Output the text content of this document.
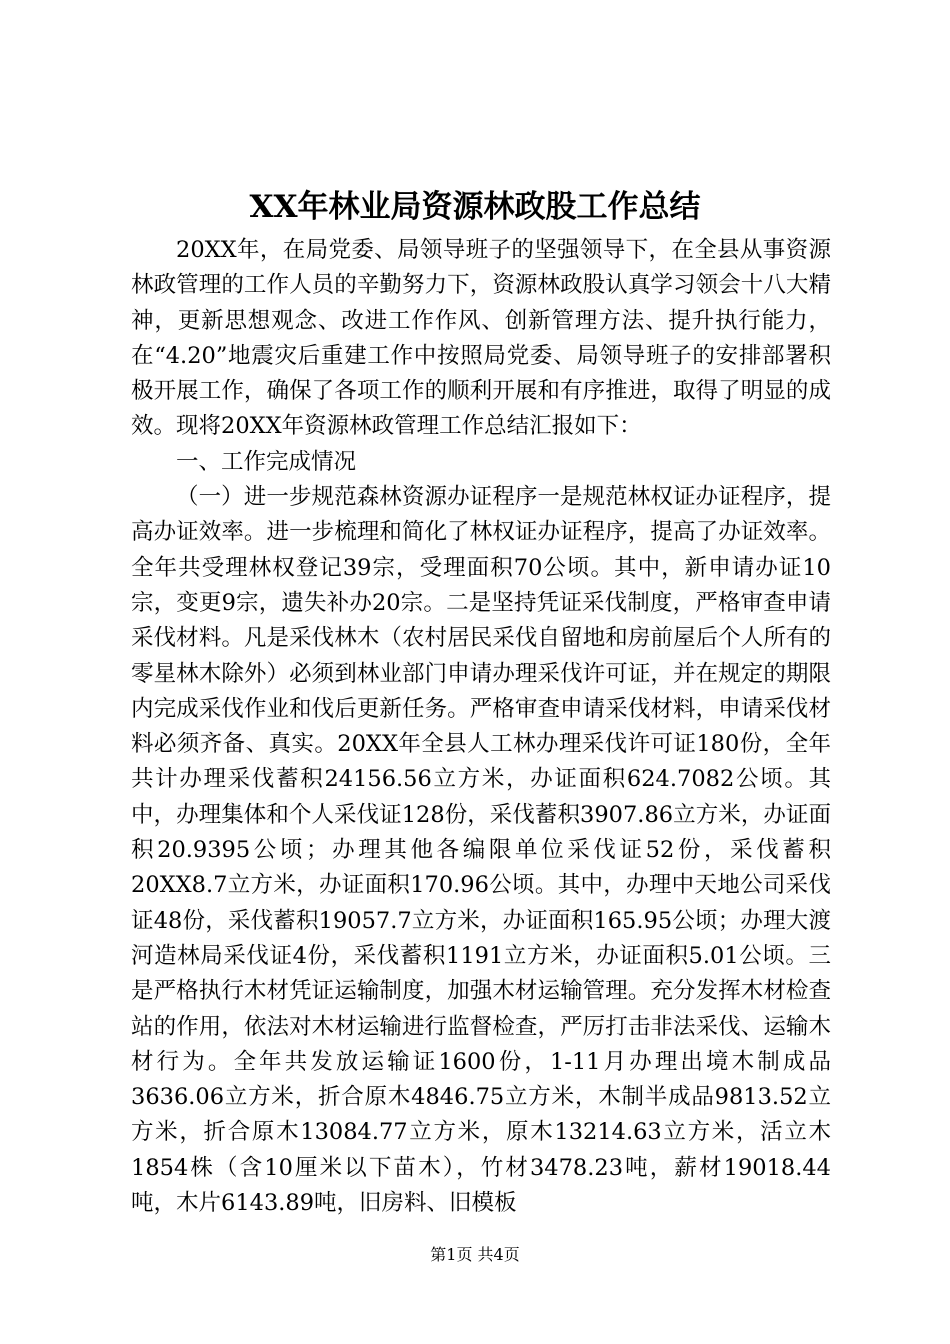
XX年林业局资源林政股工作总结

20XX年，在局党委、局领导班子的坚强领导下，在全县从事资源林政管理的工作人员的辛勤努力下，资源林政股认真学习领会十八大精神，更新思想观念、改进工作作风、创新管理方法、提升执行能力，在“4.20”地震灾后重建工作中按照局党委、局领导班子的安排部署积极开展工作，确保了各项工作的顺利开展和有序推进，取得了明显的成效。现将20XX年资源林政管理工作总结汇报如下：

一、工作完成情况

（一）进一步规范森林资源办证程序一是规范林权证办证程序，提高办证效率。进一步梳理和简化了林权证办证程序，提高了办证效率。全年共受理林权登记39宗，受理面积70公顷。其中，新申请办证10宗，变更9宗，遗失补办20宗。二是坚持凭证采伐制度，严格审查申请采伐材料。凡是采伐林木（农村居民采伐自留地和房前屋后个人所有的零星林木除外）必须到林业部门申请办理采伐许可证，并在规定的期限内完成采伐作业和伐后更新任务。严格审查申请采伐材料，申请采伐材料必须齐备、真实。20XX年全县人工林办理采伐许可证180份，全年共计办理采伐蓄积24156.56立方米，办证面积624.7082公顷。其中，办理集体和个人采伐证128份，采伐蓄积3907.86立方米，办证面积20.9395公顷；办理其他各编限单位采伐证52份，采伐蓄积20XX8.7立方米，办证面积170.96公顷。其中，办理中天地公司采伐证48份，采伐蓄积19057.7立方米，办证面积165.95公顷；办理大渡河造林局采伐证4份，采伐蓄积1191立方米，办证面积5.01公顷。三是严格执行木材凭证运输制度，加强木材运输管理。充分发挥木材检查站的作用，依法对木材运输进行监督检查，严厉打击非法采伐、运输木材行为。全年共发放运输证1600份，1-11月办理出境木制成品3636.06立方米，折合原木4846.75立方米，木制半成品9813.52立方米，折合原木13084.77立方米，原木13214.63立方米，活立木1854株（含10厘米以下苗木），竹材3478.23吨，薪材19018.44吨，木片6143.89吨，旧房料、旧模板

第1页 共4页
